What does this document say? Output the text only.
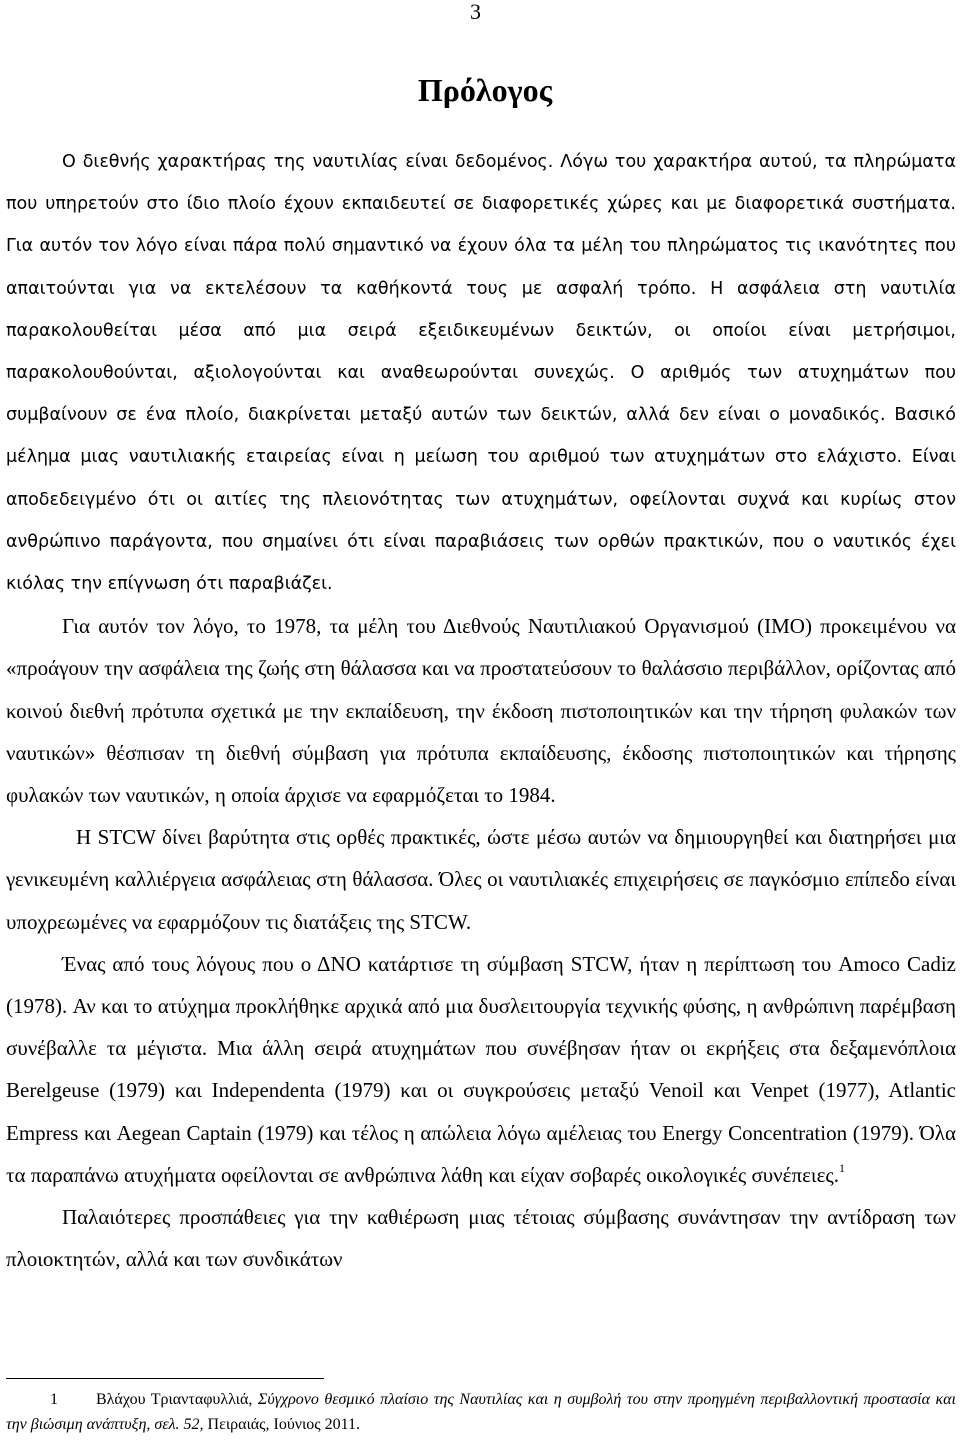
3
Πρόλογος

Ο διεθνής χαρακτήρας της ναυτιλίας είναι δεδομένος. Λόγω του χαρακτήρα αυτού, τα πληρώματα που υπηρετούν στο ίδιο πλοίο έχουν εκπαιδευτεί σε διαφορετικές χώρες και με διαφορετικά συστήματα. Για αυτόν τον λόγο είναι πάρα πολύ σημαντικό να έχουν όλα τα μέλη του πληρώματος τις ικανότητες που απαιτούνται για να εκτελέσουν τα καθήκοντά τους με ασφαλή τρόπο. Η ασφάλεια στη ναυτιλία παρακολουθείται μέσα από μια σειρά εξειδικευμένων δεικτών, οι οποίοι είναι μετρήσιμοι, παρακολουθούνται, αξιολογούνται και αναθεωρούνται συνεχώς. Ο αριθμός των ατυχημάτων που συμβαίνουν σε ένα πλοίο, διακρίνεται μεταξύ αυτών των δεικτών, αλλά δεν είναι ο μοναδικός. Βασικό μέλημα μιας ναυτιλιακής εταιρείας είναι η μείωση του αριθμού των ατυχημάτων στο ελάχιστο. Είναι αποδεδειγμένο ότι οι αιτίες της πλειονότητας των ατυχημάτων, οφείλονται συχνά και κυρίως στον ανθρώπινο παράγοντα, που σημαίνει ότι είναι παραβιάσεις των ορθών πρακτικών, που ο ναυτικός έχει κιόλας την επίγνωση ότι παραβιάζει.

Για αυτόν τον λόγο, το 1978, τα μέλη του Διεθνούς Ναυτιλιακού Οργανισμού (IMO) προκειμένου να «προάγουν την ασφάλεια της ζωής στη θάλασσα και να προστατεύσουν το θαλάσσιο περιβάλλον, ορίζοντας από κοινού διεθνή πρότυπα σχετικά με την εκπαίδευση, την έκδοση πιστοποιητικών και την τήρηση φυλακών των ναυτικών» θέσπισαν τη διεθνή σύμβαση για πρότυπα εκπαίδευσης, έκδοσης πιστοποιητικών και τήρησης φυλακών των ναυτικών, η οποία άρχισε να εφαρμόζεται το 1984.

Η STCW δίνει βαρύτητα στις ορθές πρακτικές, ώστε μέσω αυτών να δημιουργηθεί και διατηρήσει μια γενικευμένη καλλιέργεια ασφάλειας στη θάλασσα. Όλες οι ναυτιλιακές επιχειρήσεις σε παγκόσμιο επίπεδο είναι υποχρεωμένες να εφαρμόζουν τις διατάξεις της STCW.

Ένας από τους λόγους που ο ΔΝΟ κατάρτισε τη σύμβαση STCW, ήταν η περίπτωση του Amoco Cadiz (1978). Αν και το ατύχημα προκλήθηκε αρχικά από μια δυσλειτουργία τεχνικής φύσης, η ανθρώπινη παρέμβαση συνέβαλλε τα μέγιστα. Μια άλλη σειρά ατυχημάτων που συνέβησαν ήταν οι εκρήξεις στα δεξαμενόπλοια Berelgeuse (1979) και Independenta (1979) και οι συγκρούσεις μεταξύ Venoil και Venpet (1977), Atlantic Empress και Aegean Captain (1979) και τέλος η απώλεια λόγω αμέλειας του Energy Concentration (1979). Όλα τα παραπάνω ατυχήματα οφείλονται σε ανθρώπινα λάθη και είχαν σοβαρές οικολογικές συνέπειες.$^1$

Παλαιότερες προσπάθειες για την καθιέρωση μιας τέτοιας σύμβασης συνάντησαν την αντίδραση των πλοιοκτητών, αλλά και των συνδικάτων

1 Βλάχου Τριανταφυλλιά, Σύγχρονο θεσμικό πλαίσιο της Ναυτιλίας και η συμβολή του στην προηγμένη περιβαλλοντική προστασία και την βιώσιμη ανάπτυξη, σελ. 52, Πειραιάς, Ιούνιος 2011.
